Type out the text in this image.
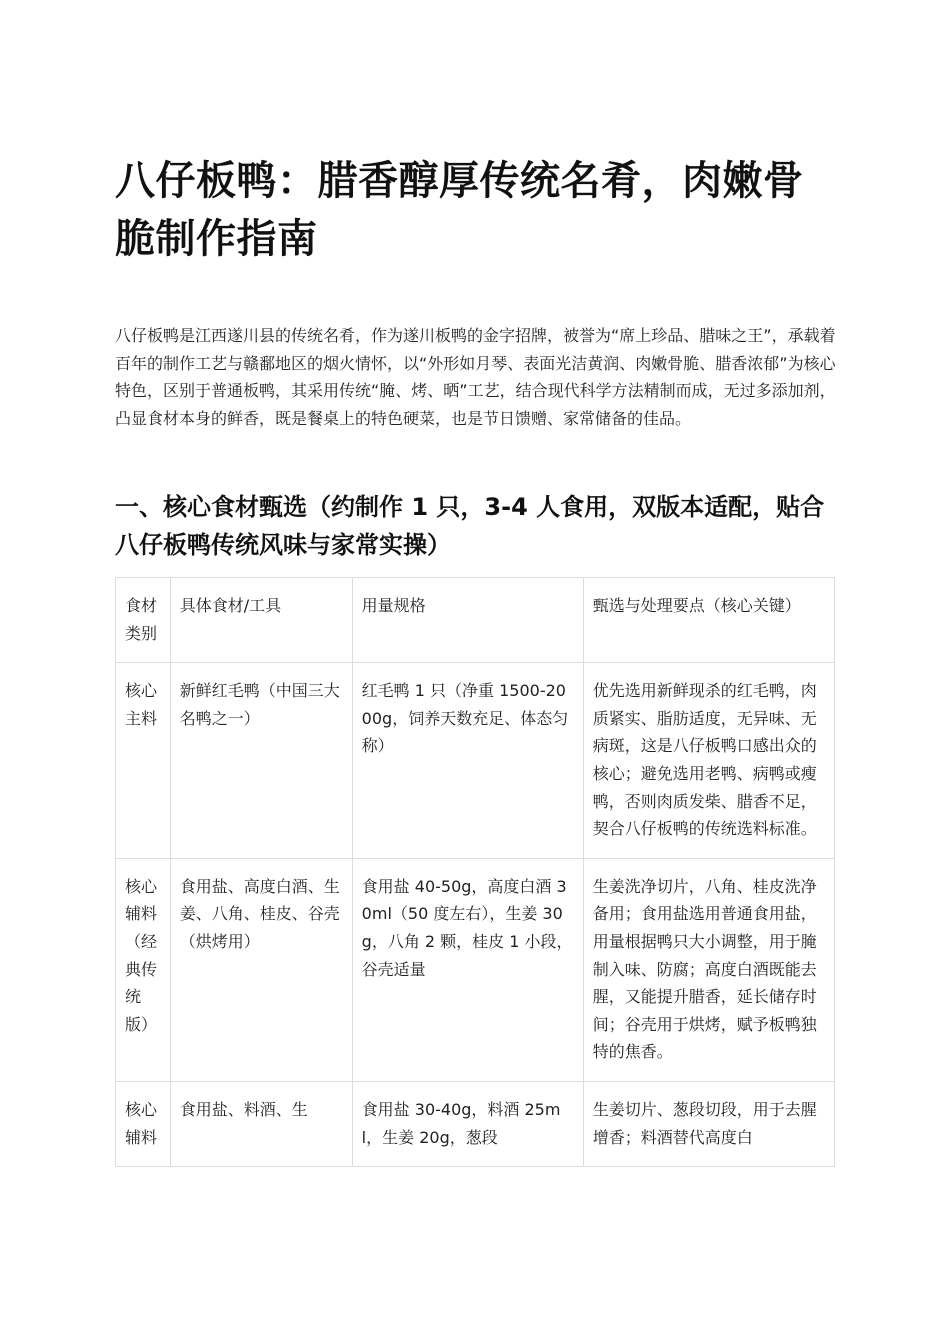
八仔板鸭：腊香醇厚传统名肴，肉嫩骨脆制作指南

八仔板鸭是江西遂川县的传统名肴，作为遂川板鸭的金字招牌，被誉为“席上珍品、腊味之王”，承载着百年的制作工艺与赣鄱地区的烟火情怀，以“外形如月琴、表面光洁黄润、肉嫩骨脆、腊香浓郁”为核心特色，区别于普通板鸭，其采用传统“腌、烤、晒”工艺，结合现代科学方法精制而成，无过多添加剂，凸显食材本身的鲜香，既是餐桌上的特色硬菜，也是节日馈赠、家常储备的佳品。

一、核心食材甄选（约制作 1 只，3-4 人食用，双版本适配，贴合八仔板鸭传统风味与家常实操）
食材类别	具体食材/工具	用量规格	甄选与处理要点（核心关键）
核心主料	新鲜红毛鸭（中国三大名鸭之一）	红毛鸭 1 只（净重 1500-2000g，饲养天数充足、体态匀称）	优先选用新鲜现杀的红毛鸭，肉质紧实、脂肪适度，无异味、无病斑，这是八仔板鸭口感出众的核心；避免选用老鸭、病鸭或瘦鸭，否则肉质发柴、腊香不足，契合八仔板鸭的传统选料标准。
核心辅料（经典传统版）	食用盐、高度白酒、生姜、八角、桂皮、谷壳（烘烤用）	食用盐 40-50g，高度白酒 30ml（50 度左右），生姜 30g，八角 2 颗，桂皮 1 小段，谷壳适量	生姜洗净切片，八角、桂皮洗净备用；食用盐选用普通食用盐，用量根据鸭只大小调整，用于腌制入味、防腐；高度白酒既能去腥，又能提升腊香，延长储存时间；谷壳用于烘烤，赋予板鸭独特的焦香。
核心辅料	食用盐、料酒、生	食用盐 30-40g，料酒 25ml，生姜 20g，葱段	生姜切片、葱段切段，用于去腥增香；料酒替代高度白
